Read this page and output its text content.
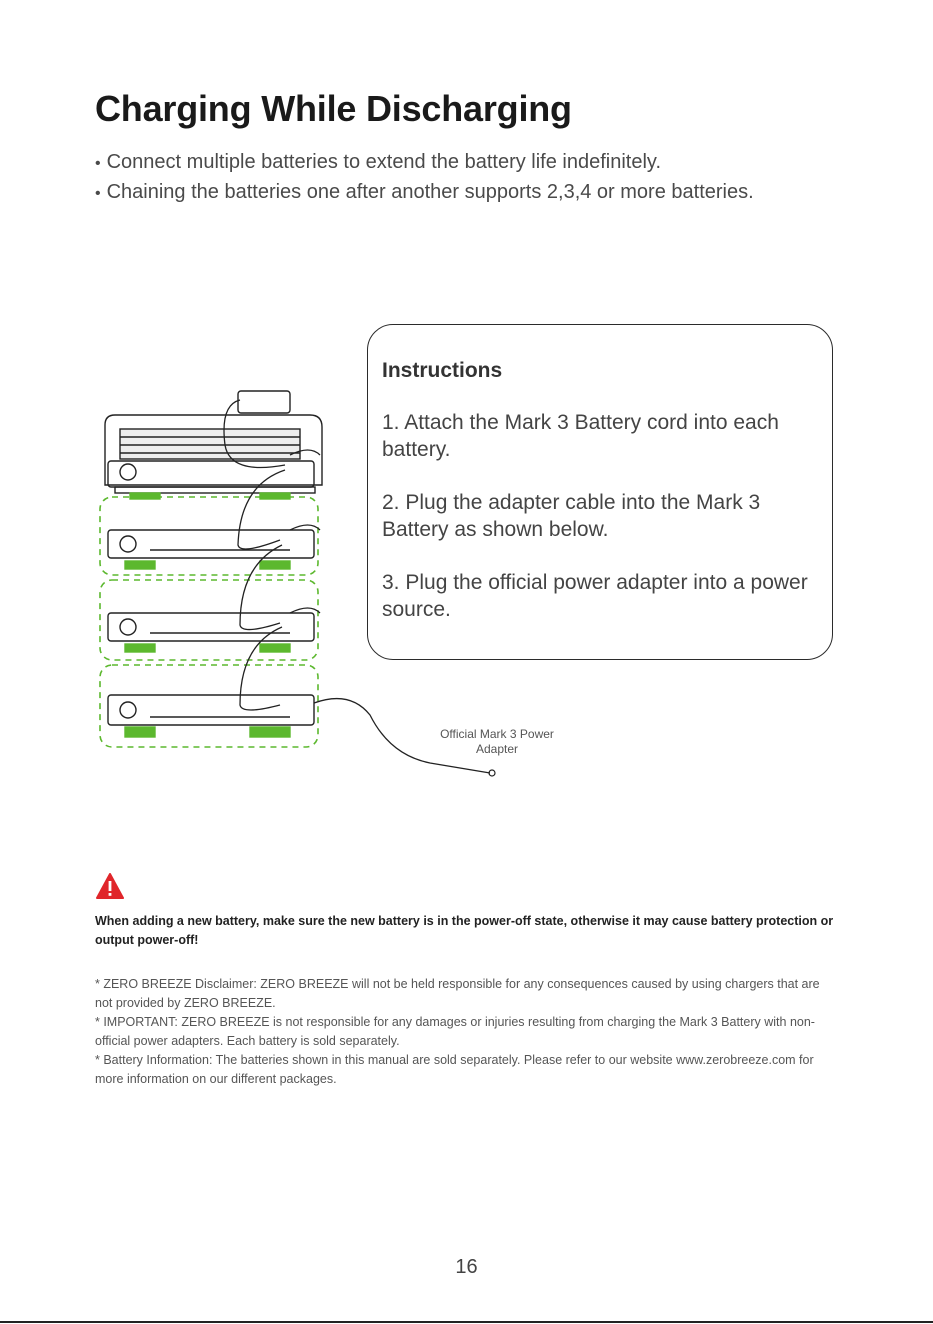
Charging While Discharging
• Connect multiple batteries to extend the battery life indefinitely.
• Chaining the batteries one after another supports 2,3,4 or more batteries.
Instructions
1. Attach the Mark 3 Battery cord into each battery.
2. Plug the adapter cable into the Mark 3 Battery as shown below.
3. Plug the official power adapter into a power source.
Official Mark 3 Power Adapter

When adding a new battery, make sure the new battery is in the power-off state, otherwise it may cause battery protection or output power-off!

* ZERO BREEZE Disclaimer: ZERO BREEZE will not be held responsible for any consequences caused by using chargers that are not provided by ZERO BREEZE.

* IMPORTANT: ZERO BREEZE is not responsible for any damages or injuries resulting from charging the Mark 3 Battery with non-official power adapters. Each battery is sold separately.

* Battery Information: The batteries shown in this manual are sold separately. Please refer to our website www.zerobreeze.com for more information on our different packages.

16
